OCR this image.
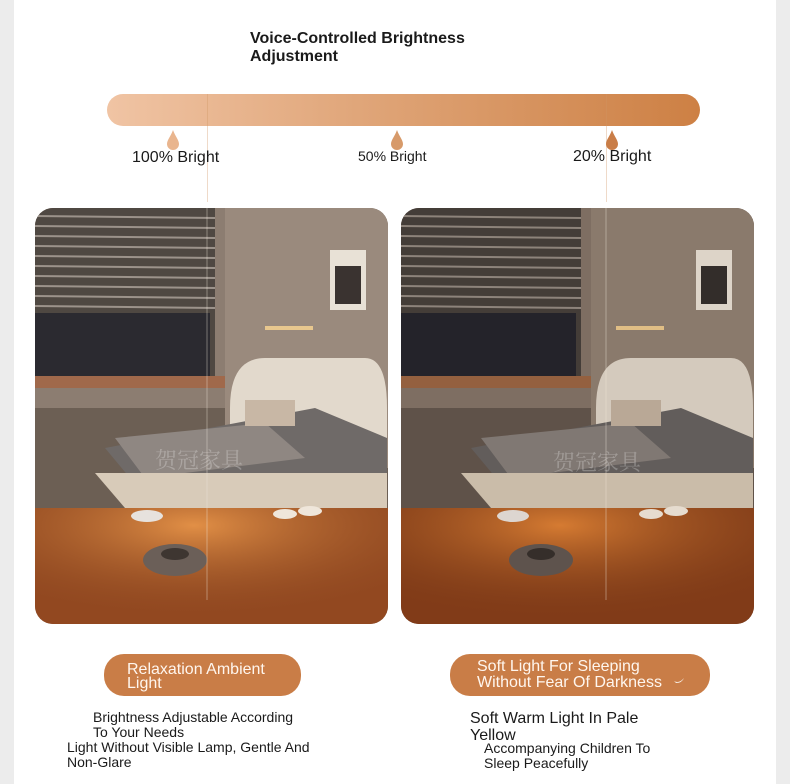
Voice-Controlled Brightness
Adjustment
100% Bright	50% Bright	20% Bright
贺冠家具	贺冠家具
Relaxation Ambient
Light
Soft Light For Sleeping
Without Fear Of Darkness
Brightness Adjustable According
To Your Needs
Light Without Visible Lamp, Gentle And
Non-Glare
Soft Warm Light In Pale
Yellow
Accompanying Children To
Sleep Peacefully
